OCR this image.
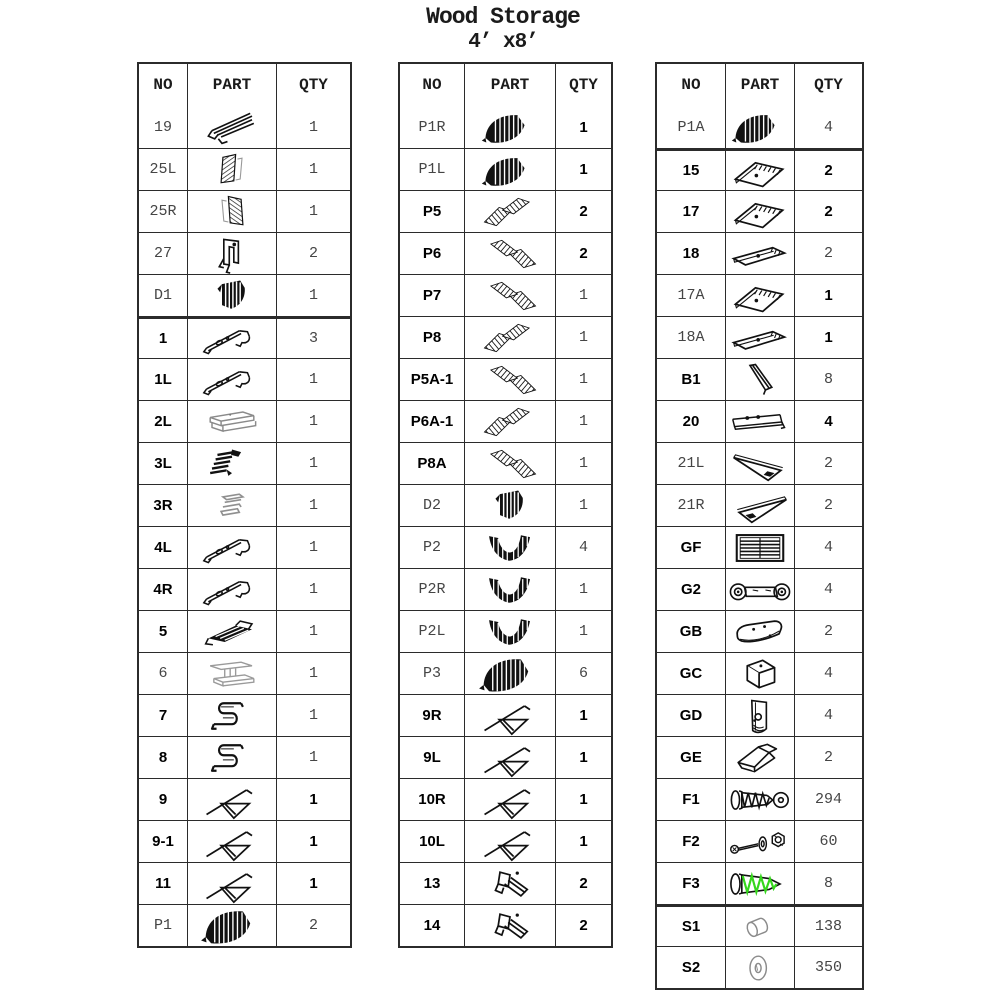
Wood Storage
4’ x8’
NO	PART	QTY
19	1
25L	1
25R	1
27	2
D1	1
1	3
1L	1
2L	1
3L	1
3R	1
4L	1
4R	1
5	1
6	1
7	1
8	1
9	1
9-1	1
11	1
P1	2
NO	PART	QTY
P1R	1
P1L	1
P5	2
P6	2
P7	1
P8	1
P5A-1	1
P6A-1	1
P8A	1
D2	1
P2	4
P2R	1
P2L	1
P3	6
9R	1
9L	1
10R	1
10L	1
13	2
14	2
NO	PART	QTY
P1A	4
15	2
17	2
18	2
17A	1
18A	1
B1	8
20	4
21L	2
21R	2
GF	4
G2	4
GB	2
GC	4
GD	4
GE	2
F1	294
F2	60
F3	8
S1	138
S2	350
